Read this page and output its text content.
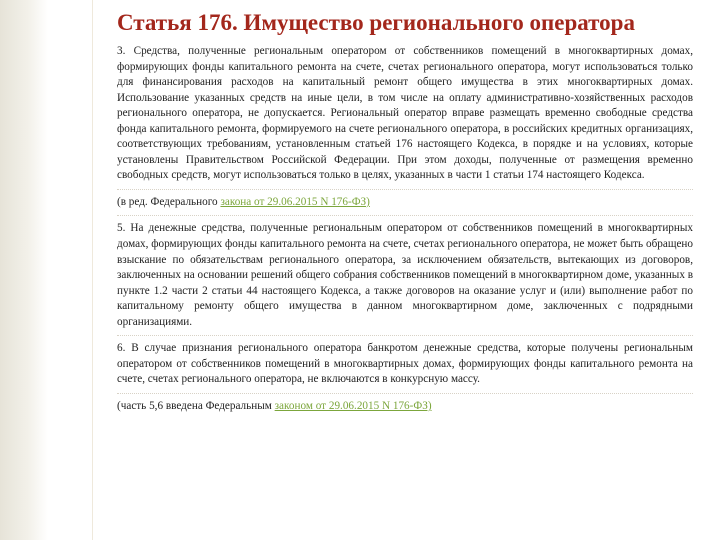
Статья 176. Имущество регионального оператора

3. Средства, полученные региональным оператором от собственников помещений в многоквартирных домах, формирующих фонды капитального ремонта на счете, счетах регионального оператора, могут использоваться только для финансирования расходов на капитальный ремонт общего имущества в этих многоквартирных домах. Использование указанных средств на иные цели, в том числе на оплату административно-хозяйственных расходов регионального оператора, не допускается. Региональный оператор вправе размещать временно свободные средства фонда капитального ремонта, формируемого на счете регионального оператора, в российских кредитных организациях, соответствующих требованиям, установленным статьей 176 настоящего Кодекса, в порядке и на условиях, которые установлены Правительством Российской Федерации. При этом доходы, полученные от размещения временно свободных средств, могут использоваться только в целях, указанных в части 1 статьи 174 настоящего Кодекса.

(в ред. Федерального закона от 29.06.2015 N 176-ФЗ)

5. На денежные средства, полученные региональным оператором от собственников помещений в многоквартирных домах, формирующих фонды капитального ремонта на счете, счетах регионального оператора, не может быть обращено взыскание по обязательствам регионального оператора, за исключением обязательств, вытекающих из договоров, заключенных на основании решений общего собрания собственников помещений в многоквартирном доме, указанных в пункте 1.2 части 2 статьи 44 настоящего Кодекса, а также договоров на оказание услуг и (или) выполнение работ по капитальному ремонту общего имущества в данном многоквартирном доме, заключенных с подрядными организациями.

6. В случае признания регионального оператора банкротом денежные средства, которые получены региональным оператором от собственников помещений в многоквартирных домах, формирующих фонды капитального ремонта на счете, счетах регионального оператора, не включаются в конкурсную массу.

(часть 5,6 введена Федеральным законом от 29.06.2015 N 176-ФЗ)
